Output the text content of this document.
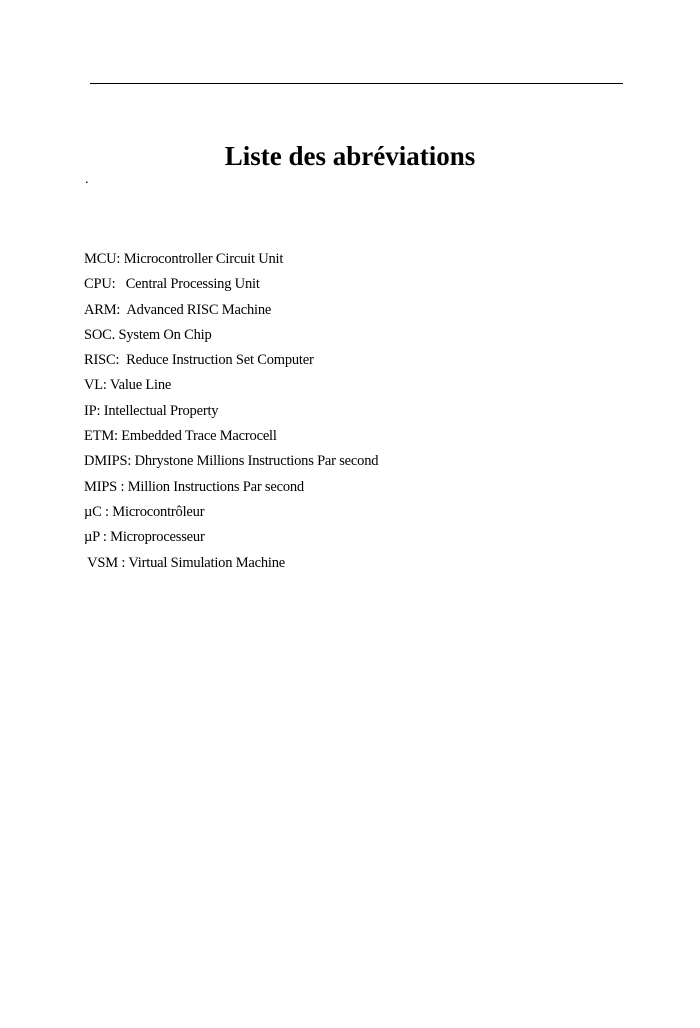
Liste des abréviations
.
MCU: Microcontroller Circuit Unit
CPU:   Central Processing Unit
ARM:  Advanced RISC Machine
SOC. System On Chip
RISC:  Reduce Instruction Set Computer
VL: Value Line
IP: Intellectual Property
ETM: Embedded Trace Macrocell
DMIPS: Dhrystone Millions Instructions Par second
MIPS : Million Instructions Par second
µC : Microcontrôleur
µP : Microprocesseur
VSM : Virtual Simulation Machine
